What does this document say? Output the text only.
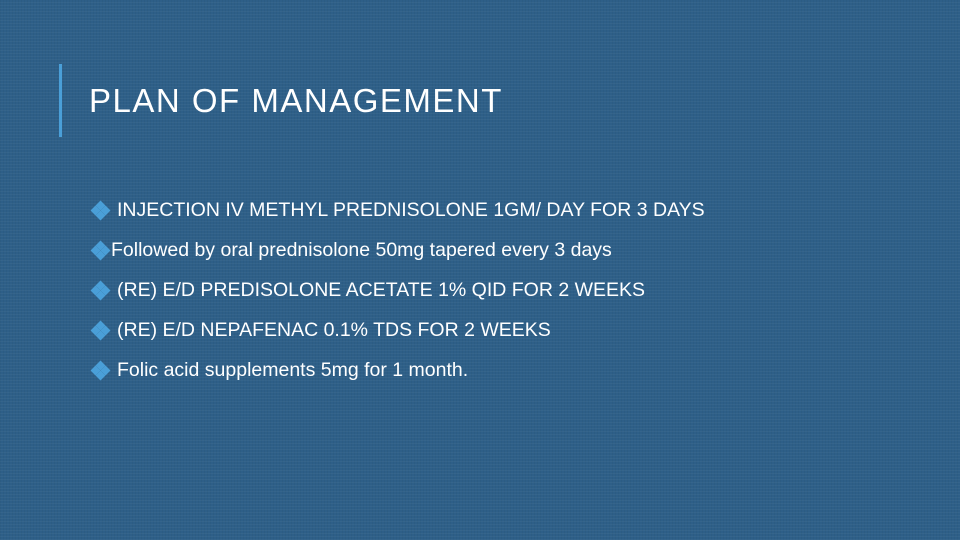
PLAN OF MANAGEMENT
INJECTION IV METHYL PREDNISOLONE 1GM/ DAY FOR 3 DAYS
Followed by oral prednisolone 50mg tapered every 3 days
(RE) E/D PREDISOLONE ACETATE 1% QID FOR 2 WEEKS
(RE) E/D NEPAFENAC 0.1% TDS FOR 2 WEEKS
Folic acid supplements 5mg for 1 month.
